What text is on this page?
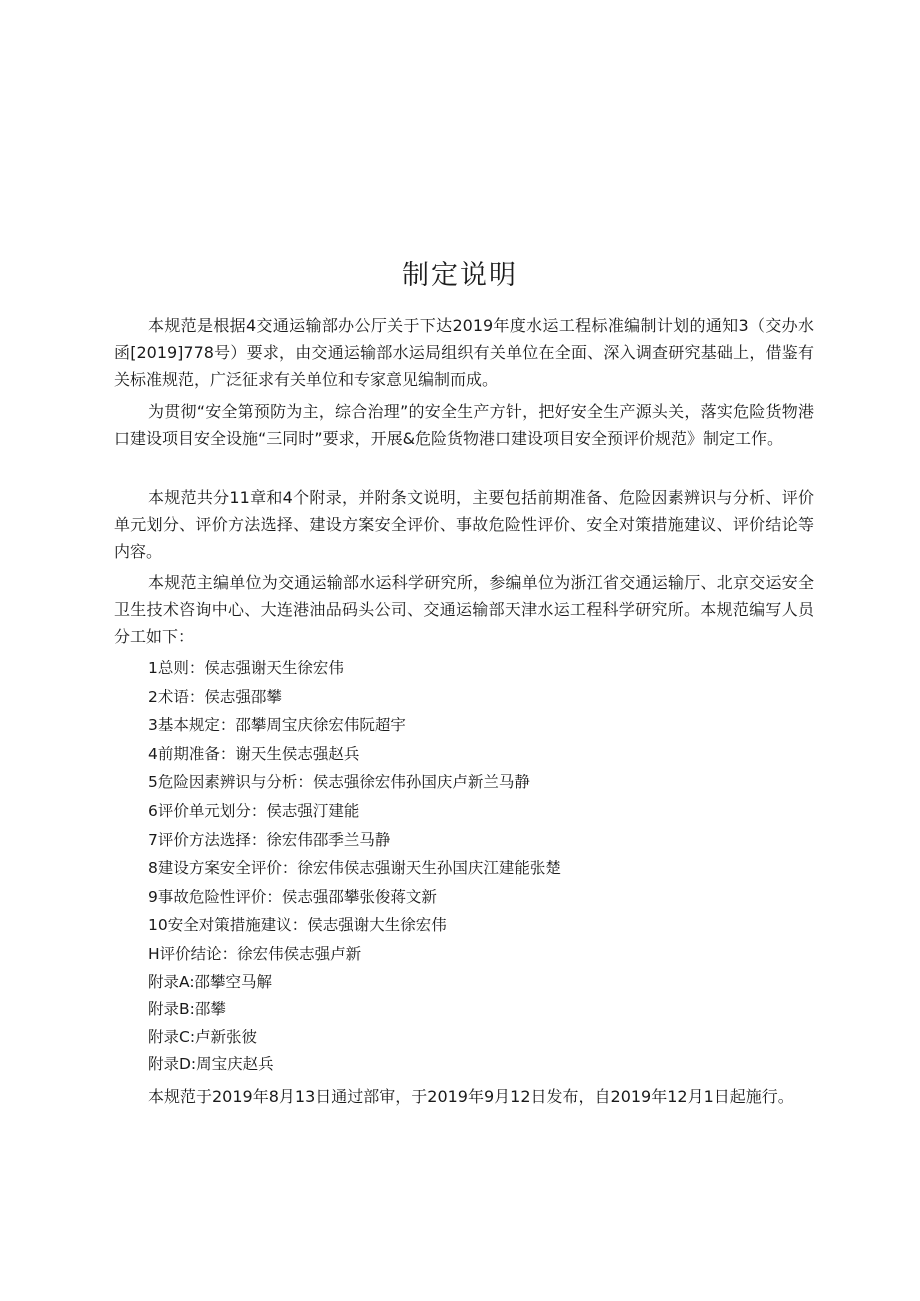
制定说明

本规范是根据4交通运输部办公厅关于下达2019年度水运工程标准编制计划的通知3（交办水函[2019]778号）要求，由交通运输部水运局组织有关单位在全面、深入调查研究基础上，借鉴有关标准规范，广泛征求有关单位和专家意见编制而成。

为贯彻“安全第预防为主，综合治理”的安全生产方针，把好安全生产源头关，落实危险货物港口建设项目安全设施“三同时”要求，开展&危险货物港口建设项目安全预评价规范》制定工作。

本规范共分11章和4个附录，并附条文说明，主要包括前期准备、危险因素辨识与分析、评价单元划分、评价方法选择、建设方案安全评价、事故危险性评价、安全对策措施建议、评价结论等内容。

本规范主编单位为交通运输部水运科学研究所，参编单位为浙江省交通运输厅、北京交运安全卫生技术咨询中心、大连港油品码头公司、交通运输部天津水运工程科学研究所。本规范编写人员分工如下：

1总则：侯志强谢天生徐宏伟
2术语：侯志强邵攀
3基本规定：邵攀周宝庆徐宏伟阮超宇
4前期准备：谢天生侯志强赵兵
5危险因素辨识与分析：侯志强徐宏伟孙国庆卢新兰马静
6评价单元划分：侯志强汀建能
7评价方法选择：徐宏伟邵季兰马静
8建设方案安全评价：徐宏伟侯志强谢天生孙国庆江建能张楚
9事故危险性评价：侯志强邵攀张俊蒋文新
10安全对策措施建议：侯志强谢大生徐宏伟
H评价结论：徐宏伟侯志强卢新
附录A:邵攀空马解
附录B:邵攀
附录C:卢新张彼
附录D:周宝庆赵兵

本规范于2019年8月13日通过部审，于2019年9月12日发布，自2019年12月1日起施行。
